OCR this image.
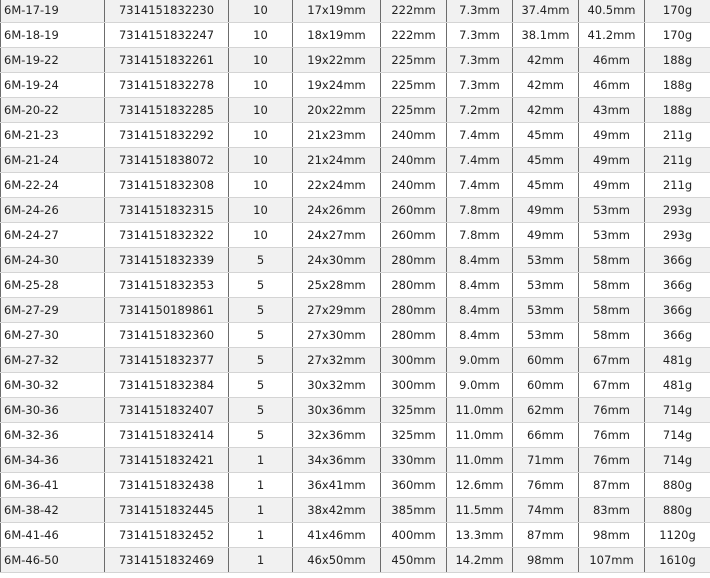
6M-17-19	7314151832230	10	17x19mm	222mm	7.3mm	37.4mm	40.5mm	170g
6M-18-19	7314151832247	10	18x19mm	222mm	7.3mm	38.1mm	41.2mm	170g
6M-19-22	7314151832261	10	19x22mm	225mm	7.3mm	42mm	46mm	188g
6M-19-24	7314151832278	10	19x24mm	225mm	7.3mm	42mm	46mm	188g
6M-20-22	7314151832285	10	20x22mm	225mm	7.2mm	42mm	43mm	188g
6M-21-23	7314151832292	10	21x23mm	240mm	7.4mm	45mm	49mm	211g
6M-21-24	7314151838072	10	21x24mm	240mm	7.4mm	45mm	49mm	211g
6M-22-24	7314151832308	10	22x24mm	240mm	7.4mm	45mm	49mm	211g
6M-24-26	7314151832315	10	24x26mm	260mm	7.8mm	49mm	53mm	293g
6M-24-27	7314151832322	10	24x27mm	260mm	7.8mm	49mm	53mm	293g
6M-24-30	7314151832339	5	24x30mm	280mm	8.4mm	53mm	58mm	366g
6M-25-28	7314151832353	5	25x28mm	280mm	8.4mm	53mm	58mm	366g
6M-27-29	7314150189861	5	27x29mm	280mm	8.4mm	53mm	58mm	366g
6M-27-30	7314151832360	5	27x30mm	280mm	8.4mm	53mm	58mm	366g
6M-27-32	7314151832377	5	27x32mm	300mm	9.0mm	60mm	67mm	481g
6M-30-32	7314151832384	5	30x32mm	300mm	9.0mm	60mm	67mm	481g
6M-30-36	7314151832407	5	30x36mm	325mm	11.0mm	62mm	76mm	714g
6M-32-36	7314151832414	5	32x36mm	325mm	11.0mm	66mm	76mm	714g
6M-34-36	7314151832421	1	34x36mm	330mm	11.0mm	71mm	76mm	714g
6M-36-41	7314151832438	1	36x41mm	360mm	12.6mm	76mm	87mm	880g
6M-38-42	7314151832445	1	38x42mm	385mm	11.5mm	74mm	83mm	880g
6M-41-46	7314151832452	1	41x46mm	400mm	13.3mm	87mm	98mm	1120g
6M-46-50	7314151832469	1	46x50mm	450mm	14.2mm	98mm	107mm	1610g
